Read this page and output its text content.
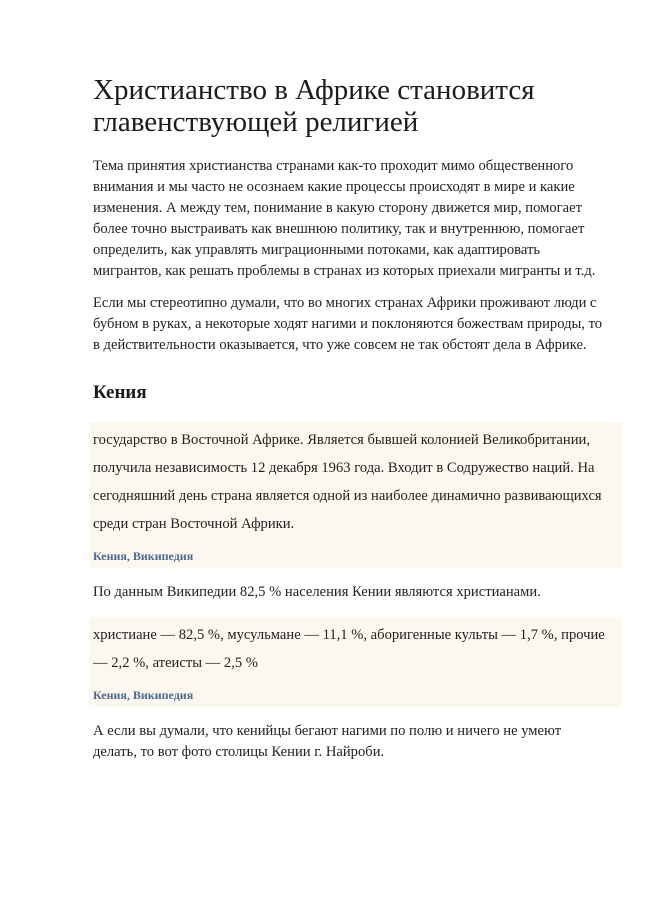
Христианство в Африке становится главенствующей религией

Тема принятия христианства странами как-то проходит мимо общественного внимания и мы часто не осознаем какие процессы происходят в мире и какие изменения. А между тем, понимание в какую сторону движется мир, помогает более точно выстраивать как внешнюю политику, так и внутреннюю, помогает определить, как управлять миграционными потоками, как адаптировать мигрантов, как решать проблемы в странах из которых приехали мигранты и т.д.

Если мы стереотипно думали, что во многих странах Африки проживают люди с бубном в руках, а некоторые ходят нагими и поклоняются божествам природы, то в действительности оказывается, что уже совсем не так обстоят дела в Африке.

Кения

государство в Восточной Африке. Является бывшей колонией Великобритании, получила независимость 12 декабря 1963 года. Входит в Содружество наций. На сегодняшний день страна является одной из наиболее динамично развивающихся среди стран Восточной Африки.

Кения, Википедия

По данным Википедии 82,5 % населения Кении являются христианами.

христиане — 82,5 %, мусульмане — 11,1 %, аборигенные культы — 1,7 %, прочие — 2,2 %, атеисты — 2,5 %

Кения, Википедия

А если вы думали, что кенийцы бегают нагими по полю и ничего не умеют делать, то вот фото столицы Кении г. Найроби.
